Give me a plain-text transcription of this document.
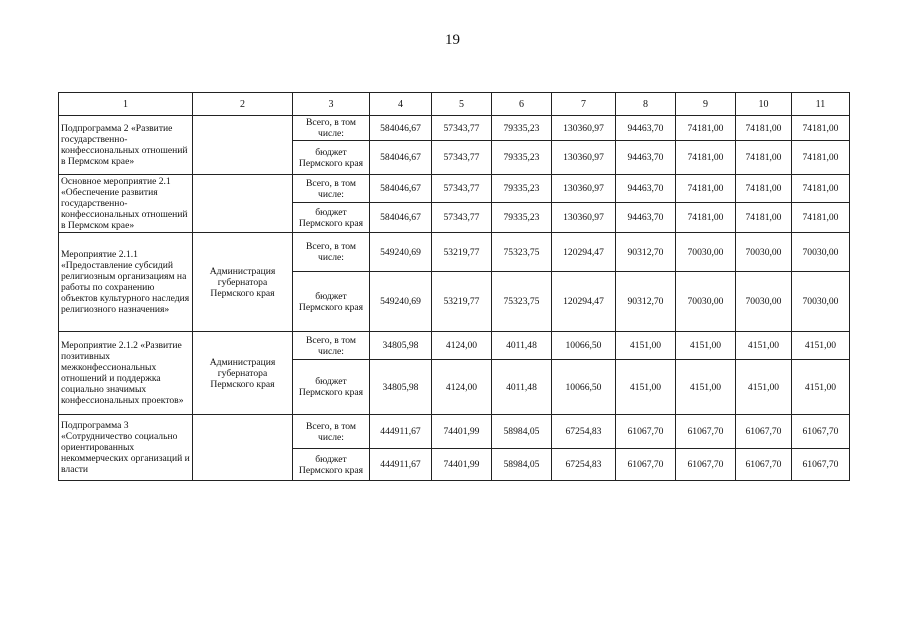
19
1	2	3	4	5	6	7	8	9	10	11
Подпрограмма 2 «Развитие государственно-конфессиональных отношений в Пермском крае»		Всего, в том числе:	584046,67	57343,77	79335,23	130360,97	94463,70	74181,00	74181,00	74181,00
		бюджет Пермского края	584046,67	57343,77	79335,23	130360,97	94463,70	74181,00	74181,00	74181,00
Основное мероприятие 2.1 «Обеспечение развития государственно-конфессиональных отношений в Пермском крае»		Всего, в том числе:	584046,67	57343,77	79335,23	130360,97	94463,70	74181,00	74181,00	74181,00
		бюджет Пермского края	584046,67	57343,77	79335,23	130360,97	94463,70	74181,00	74181,00	74181,00
Мероприятие 2.1.1 «Предоставление субсидий религиозным организациям на работы по сохранению объектов культурного наследия религиозного назначения»	Администрация губернатора Пермского края	Всего, в том числе:	549240,69	53219,77	75323,75	120294,47	90312,70	70030,00	70030,00	70030,00
		бюджет Пермского края	549240,69	53219,77	75323,75	120294,47	90312,70	70030,00	70030,00	70030,00
Мероприятие 2.1.2 «Развитие позитивных межконфессиональных отношений и поддержка социально значимых конфессиональных проектов»	Администрация губернатора Пермского края	Всего, в том числе:	34805,98	4124,00	4011,48	10066,50	4151,00	4151,00	4151,00	4151,00
		бюджет Пермского края	34805,98	4124,00	4011,48	10066,50	4151,00	4151,00	4151,00	4151,00
Подпрограмма 3 «Сотрудничество социально ориентированных некоммерческих организаций и власти		Всего, в том числе:	444911,67	74401,99	58984,05	67254,83	61067,70	61067,70	61067,70	61067,70
		бюджет Пермского края	444911,67	74401,99	58984,05	67254,83	61067,70	61067,70	61067,70	61067,70
